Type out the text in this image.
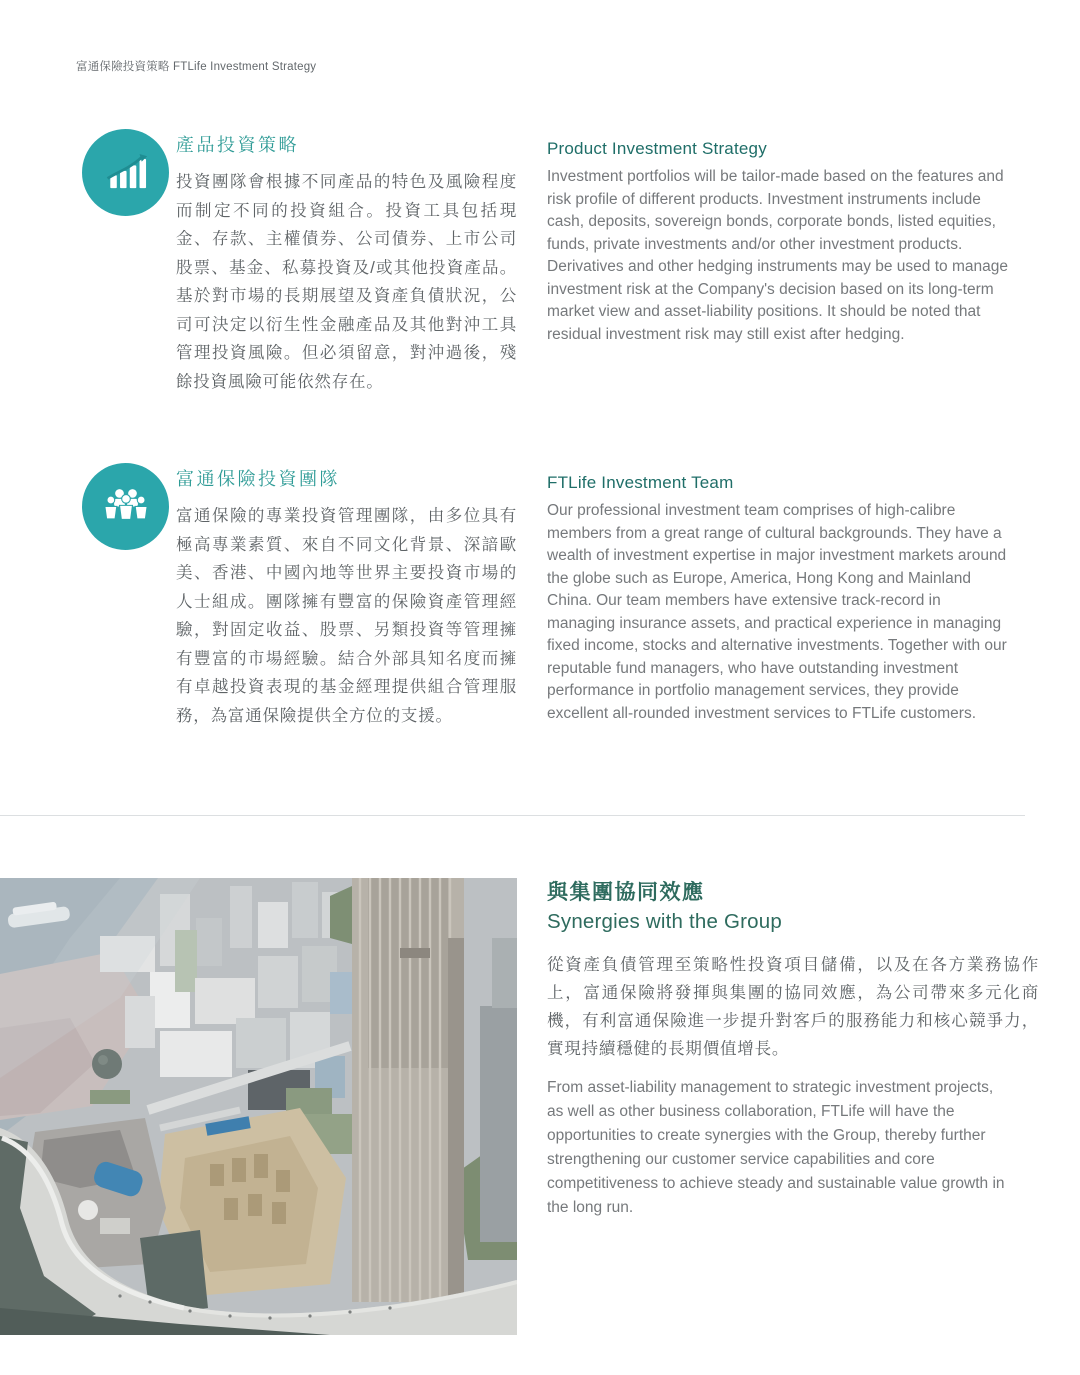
富通保險投資策略 FTLife Investment Strategy
產品投資策略

投資團隊會根據不同產品的特色及風險程度而制定不同的投資組合。投資工具包括現金、存款、主權債券、公司債券、上市公司股票、基金、私募投資及/或其他投資產品。基於對市場的長期展望及資產負債狀況，公司可決定以衍生性金融產品及其他對沖工具管理投資風險。但必須留意，對沖過後，殘餘投資風險可能依然存在。

Product Investment Strategy

Investment portfolios will be tailor-made based on the features and risk profile of different products. Investment instruments include cash, deposits, sovereign bonds, corporate bonds, listed equities, funds, private investments and/or other investment products. Derivatives and other hedging instruments may be used to manage investment risk at the Company's decision based on its long-term market view and asset-liability positions. It should be noted that residual investment risk may still exist after hedging.

富通保險投資團隊

富通保險的專業投資管理團隊，由多位具有極高專業素質、來自不同文化背景、深諳歐美、香港、中國內地等世界主要投資市場的人士組成。團隊擁有豐富的保險資產管理經驗，對固定收益、股票、另類投資等管理擁有豐富的市場經驗。結合外部具知名度而擁有卓越投資表現的基金經理提供組合管理服務，為富通保險提供全方位的支援。

FTLife Investment Team

Our professional investment team comprises of high-calibre members from a great range of cultural backgrounds. They have a wealth of investment expertise in major investment markets around the globe such as Europe, America, Hong Kong and Mainland China. Our team members have extensive track-record in managing insurance assets, and practical experience in managing fixed income, stocks and alternative investments. Together with our reputable fund managers, who have outstanding investment performance in portfolio management services, they provide excellent all-rounded investment services to FTLife customers.

與集團協同效應
Synergies with the Group

從資產負債管理至策略性投資項目儲備，以及在各方業務協作上，富通保險將發揮與集團的協同效應，為公司帶來多元化商機，有利富通保險進一步提升對客戶的服務能力和核心競爭力，實現持續穩健的長期價值增長。

From asset-liability management to strategic investment projects, as well as other business collaboration, FTLife will have the opportunities to create synergies with the Group, thereby further strengthening our customer service capabilities and core competitiveness to achieve steady and sustainable value growth in the long run.
